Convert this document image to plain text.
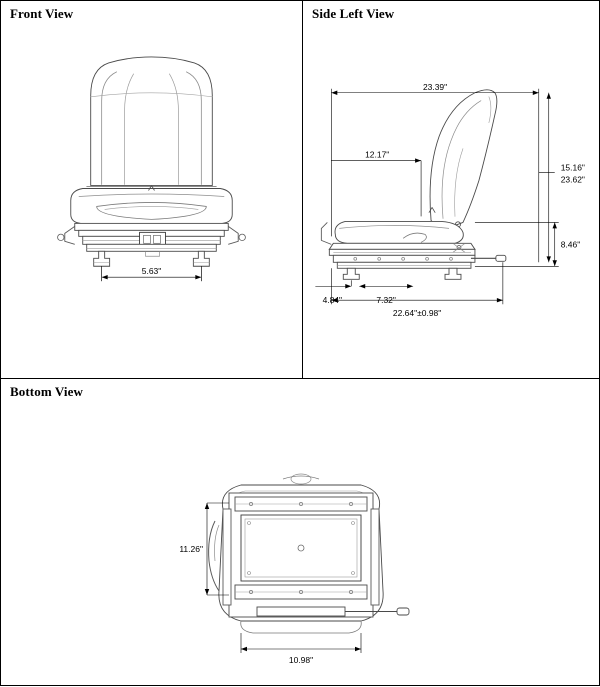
Front View
5.63"
Side Left View
23.39"
12.17"
15.16"
23.62"
8.46"
4.84"	7.32"
22.64"±0.98"
Bottom View
11.26"
10.98"
